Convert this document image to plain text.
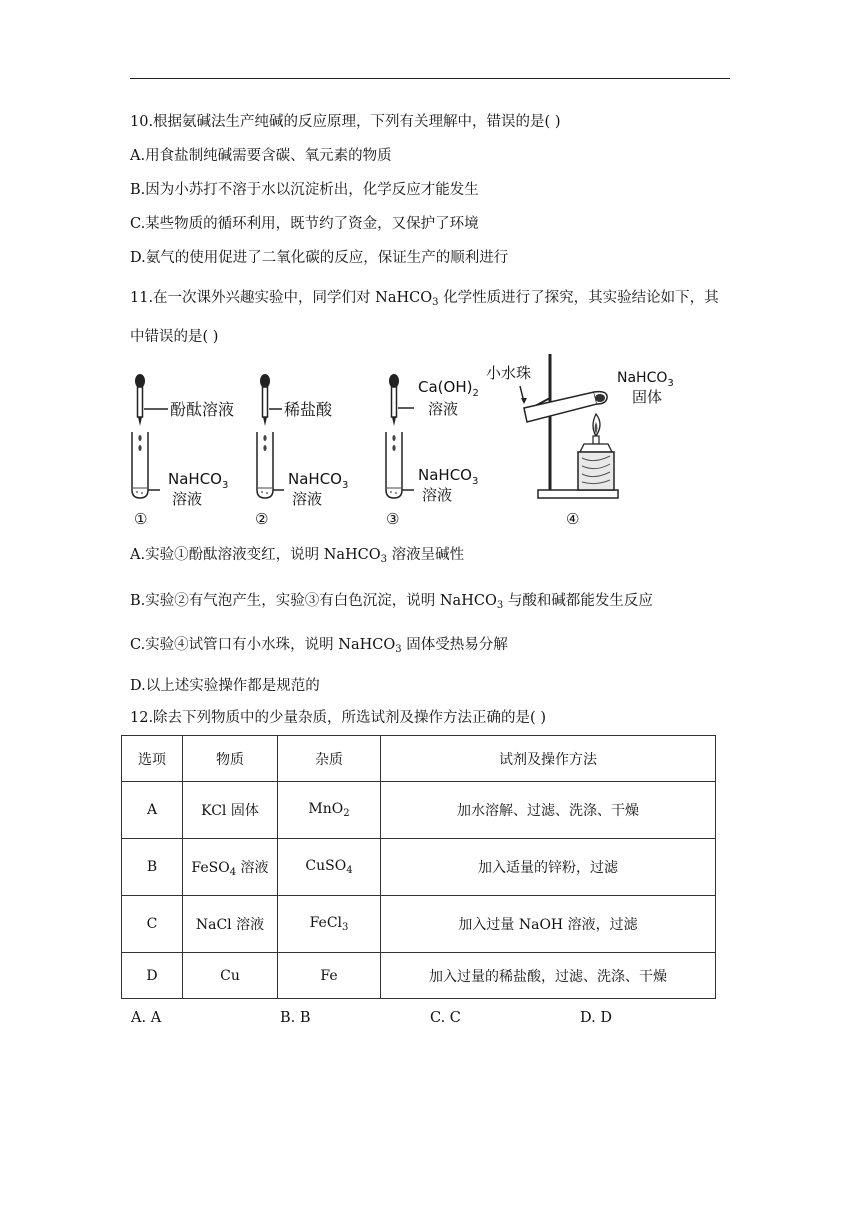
10.根据氨碱法生产纯碱的反应原理，下列有关理解中，错误的是( )
A.用食盐制纯碱需要含碳、氧元素的物质
B.因为小苏打不溶于水以沉淀析出，化学反应才能发生
C.某些物质的循环利用，既节约了资金，又保护了环境
D.氨气的使用促进了二氧化碳的反应，保证生产的顺利进行
11.在一次课外兴趣实验中，同学们对 NaHCO$_3$ 化学性质进行了探究，其实验结论如下，其
中错误的是( )
酚酞溶液
NaHCO$_3$
溶液
①
稀盐酸
NaHCO$_3$
溶液
②
$Ca(OH)_2$
溶液
NaHCO$_3$
溶液
③
小水珠	NaHCO$_3$
固体
④
A.实验①酚酞溶液变红，说明 NaHCO$_3$ 溶液呈碱性
B.实验②有气泡产生，实验③有白色沉淀，说明 NaHCO$_3$ 与酸和碱都能发生反应
C.实验④试管口有小水珠，说明 NaHCO$_3$ 固体受热易分解
D.以上述实验操作都是规范的
12.除去下列物质中的少量杂质，所选试剂及操作方法正确的是( )
选项	物质	杂质	试剂及操作方法
A	KCl 固体	MnO$_2$	加水溶解、过滤、洗涤、干燥
B	FeSO$_4$ 溶液	CuSO$_4$	加入适量的锌粉，过滤
C	NaCl 溶液	FeCl$_3$	加入过量 NaOH 溶液，过滤
D	Cu	Fe	加入过量的稀盐酸，过滤、洗涤、干燥
A. A	B. B	C. C	D. D
